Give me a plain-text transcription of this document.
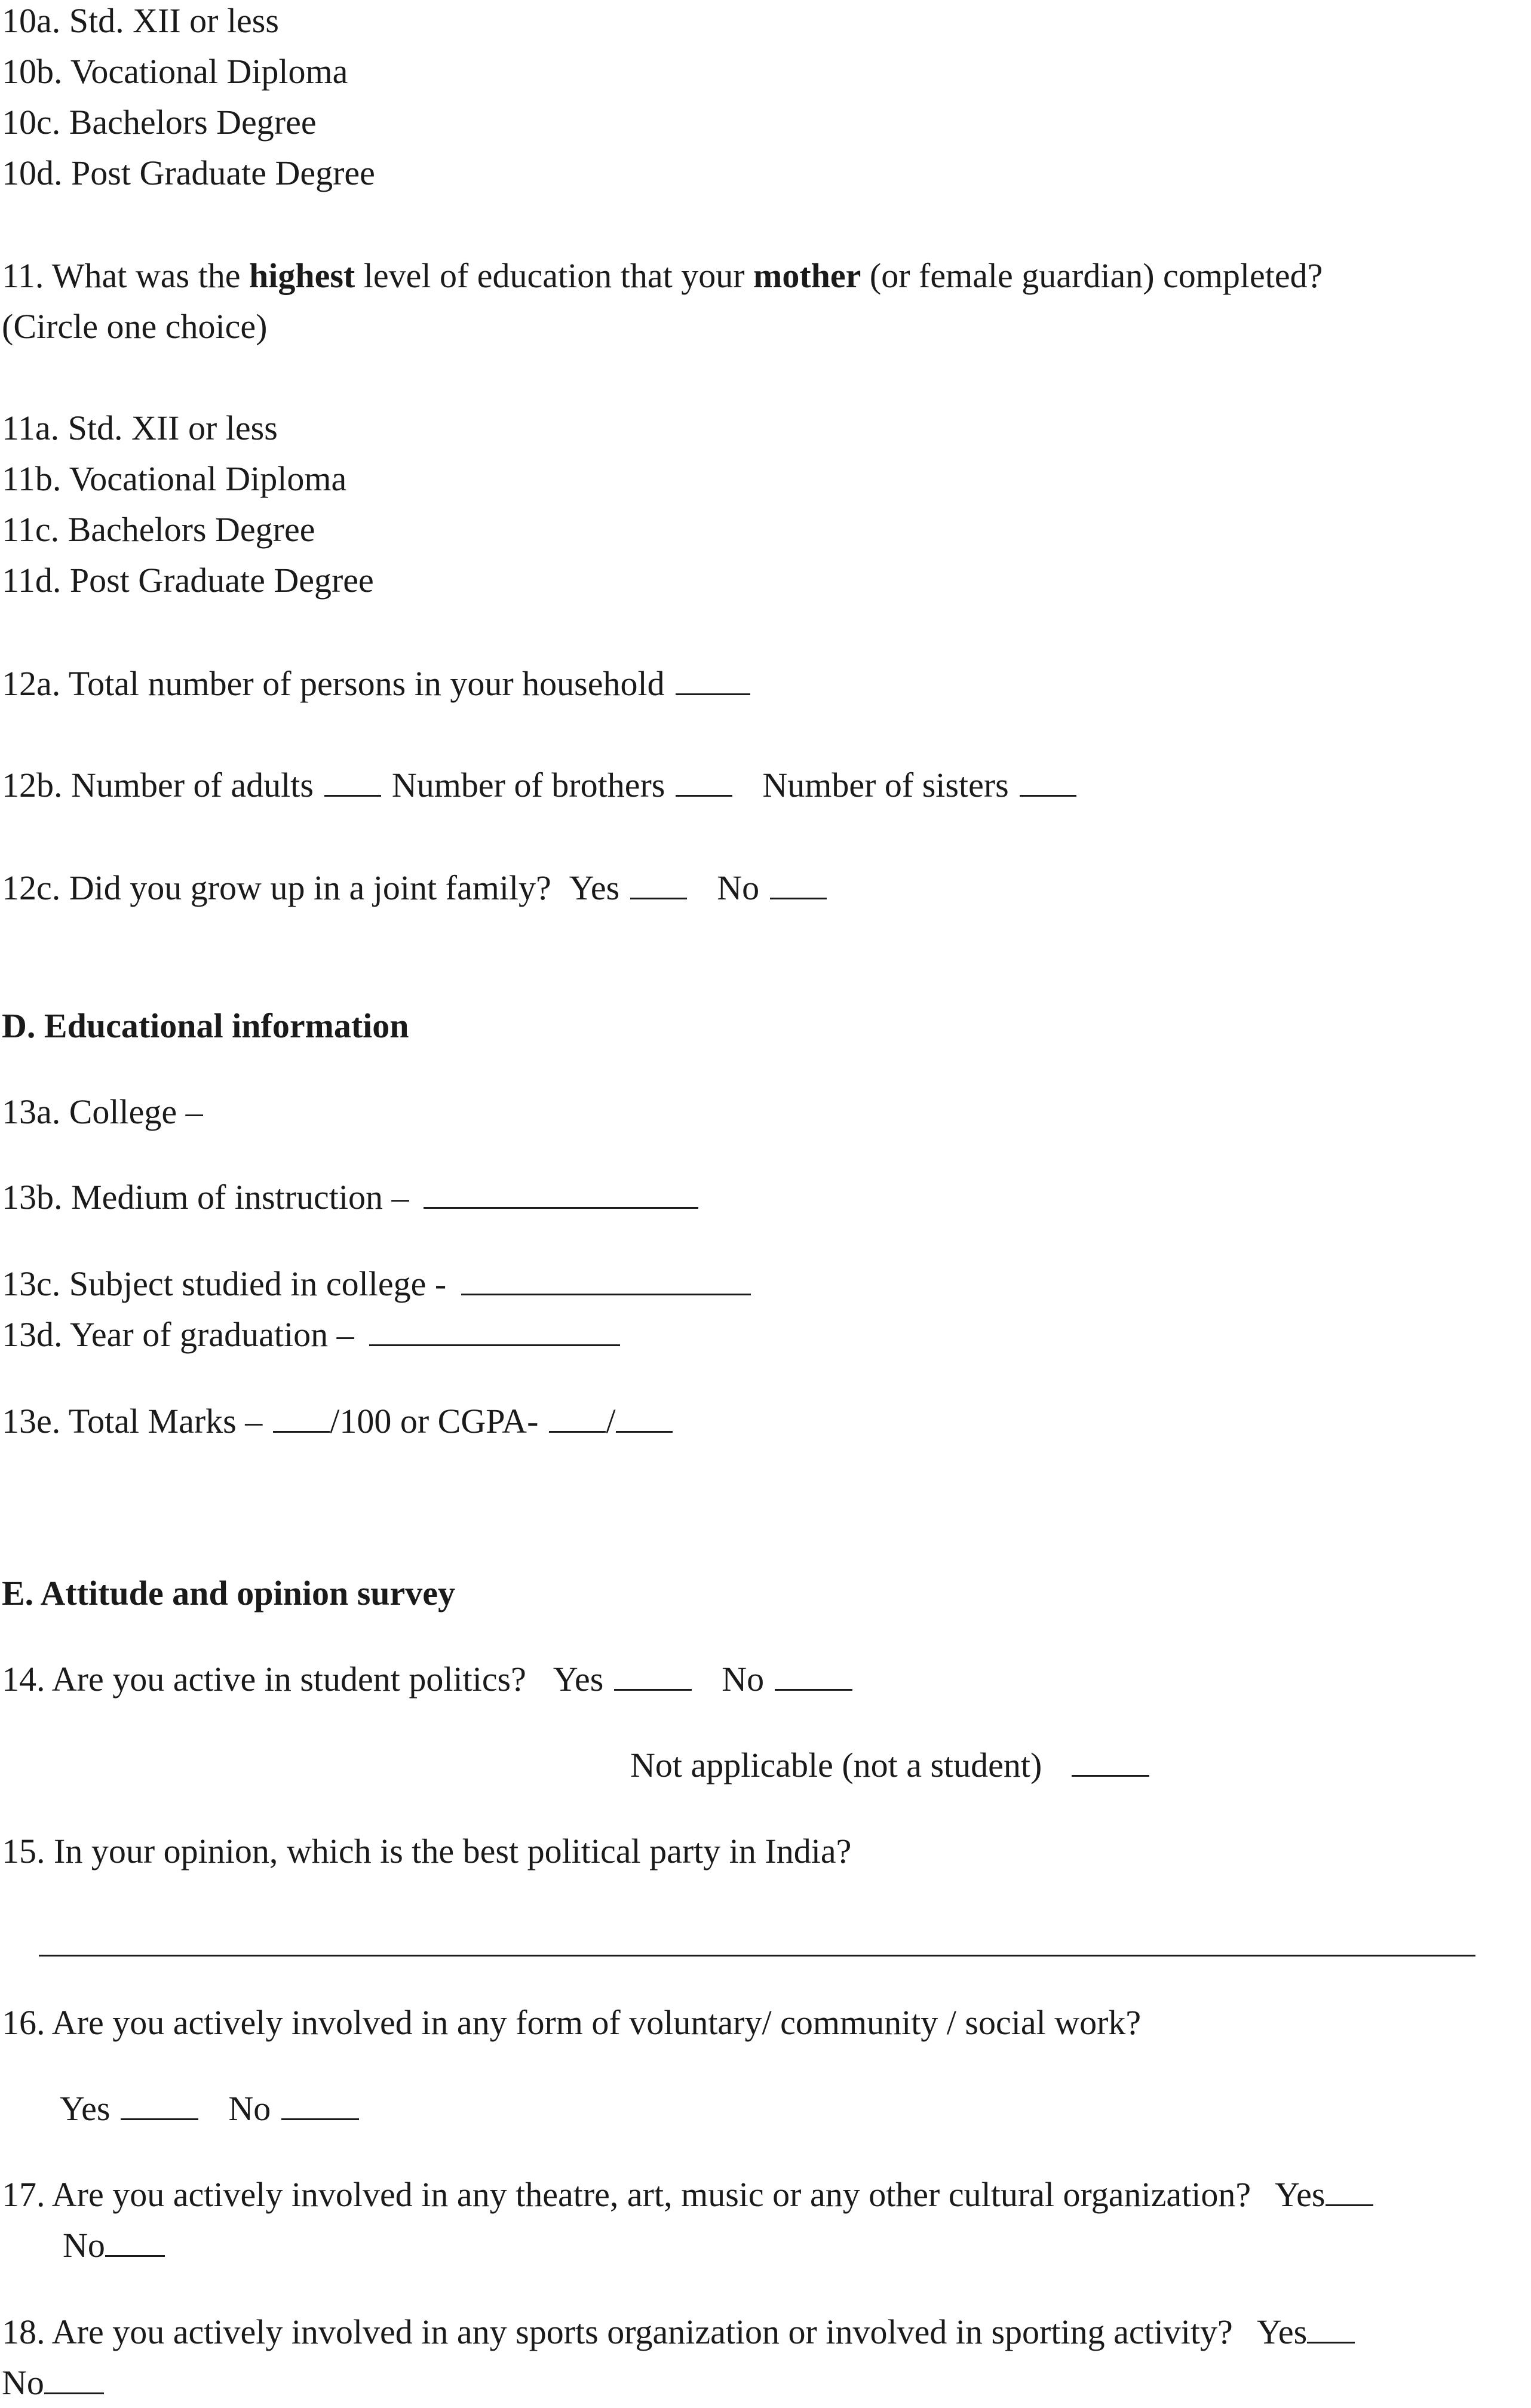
10a. Std. XII or less
10b. Vocational Diploma
10c. Bachelors Degree
10d. Post Graduate Degree
11. What was the highest level of education that your mother (or female guardian) completed?
(Circle one choice)
11a. Std. XII or less
11b. Vocational Diploma
11c. Bachelors Degree
11d. Post Graduate Degree
12a. Total number of persons in your household
12b. Number of adults Number of brothers	Number of sisters
12c. Did you grow up in a joint family? Yes	No
D. Educational information
13a. College –
13b. Medium of instruction –
13c. Subject studied in college -
13d. Year of graduation –
13e. Total Marks – /100 or CGPA- /
E. Attitude and opinion survey
14. Are you active in student politics? Yes	No
Not applicable (not a student)
15. In your opinion, which is the best political party in India?
16. Are you actively involved in any form of voluntary/ community / social work?
Yes	No
17. Are you actively involved in any theatre, art, music or any other cultural organization? Yes
No
18. Are you actively involved in any sports organization or involved in sporting activity? Yes
No
